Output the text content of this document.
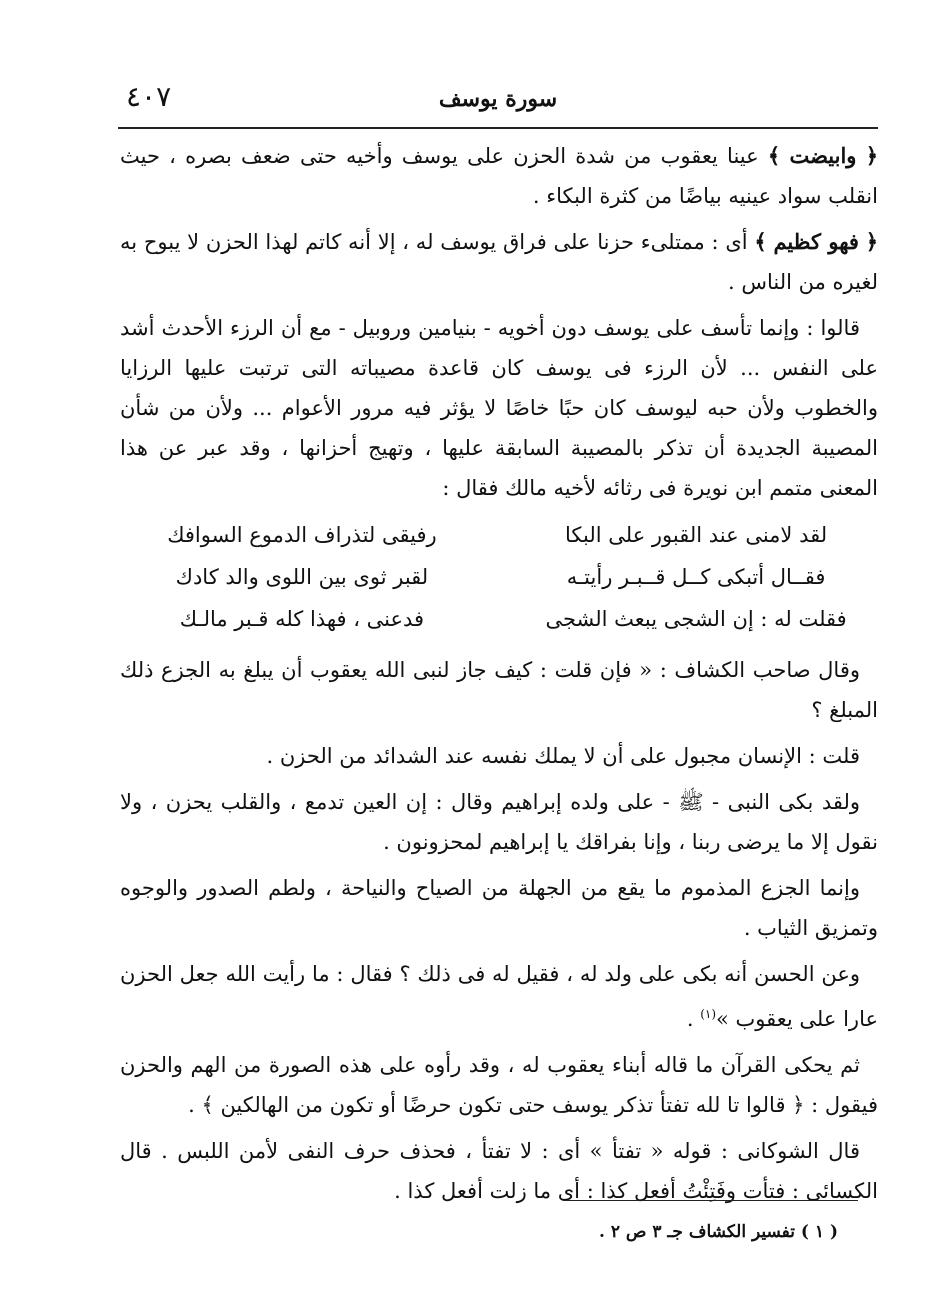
٤٠٧	سورة يوسف

﴿ وابيضت ﴾ عينا يعقوب من شدة الحزن على يوسف وأخيه حتى ضعف بصره ، حيث انقلب سواد عينيه بياضًا من كثرة البكاء .

﴿ فهو كظيم ﴾ أى : ممتلىء حزنا على فراق يوسف له ، إلا أنه كاتم لهذا الحزن لا يبوح به لغيره من الناس .

قالوا : وإنما تأسف على يوسف دون أخويه - بنيامين وروبيل - مع أن الرزء الأحدث أشد على النفس ... لأن الرزء فى يوسف كان قاعدة مصيباته التى ترتبت عليها الرزايا والخطوب ولأن حبه ليوسف كان حبًا خاصًا لا يؤثر فيه مرور الأعوام ... ولأن من شأن المصيبة الجديدة أن تذكر بالمصيبة السابقة عليها ، وتهيج أحزانها ، وقد عبر عن هذا المعنى متمم ابن نويرة فى رثائه لأخيه مالك فقال :

لقد لامنى عند القبور على البكا
رفيقى لتذراف الدموع السوافك
فقــال أتبكى كــل قــبـر رأيتـه
لقبر ثوى بين اللوى والد كادك
فقلت له : إن الشجى يبعث الشجى
فدعنى ، فهذا كله قـبر مالـك

وقال صاحب الكشاف : « فإن قلت : كيف جاز لنبى الله يعقوب أن يبلغ به الجزع ذلك المبلغ ؟

قلت : الإنسان مجبول على أن لا يملك نفسه عند الشدائد من الحزن .

ولقد بكى النبى - ﷺ - على ولده إبراهيم وقال : إن العين تدمع ، والقلب يحزن ، ولا نقول إلا ما يرضى ربنا ، وإنا بفراقك يا إبراهيم لمحزونون .

وإنما الجزع المذموم ما يقع من الجهلة من الصياح والنياحة ، ولطم الصدور والوجوه وتمزيق الثياب .

وعن الحسن أنه بكى على ولد له ، فقيل له فى ذلك ؟ فقال : ما رأيت الله جعل الحزن عارا على يعقوب »$^{(١)}$ .

ثم يحكى القرآن ما قاله أبناء يعقوب له ، وقد رأوه على هذه الصورة من الهم والحزن فيقول : ﴿ قالوا تا لله تفتأ تذكر يوسف حتى تكون حرضًا أو تكون من الهالكين ﴾ .

قال الشوكانى : قوله « تفتأ » أى : لا تفتأ ، فحذف حرف النفى لأمن اللبس . قال الكسائى : فتأت وفَتِئْتُ أفعل كذا : أى ما زلت أفعل كذا .

( ١ ) تفسير الكشاف جـ ٣ ص ٢ .
